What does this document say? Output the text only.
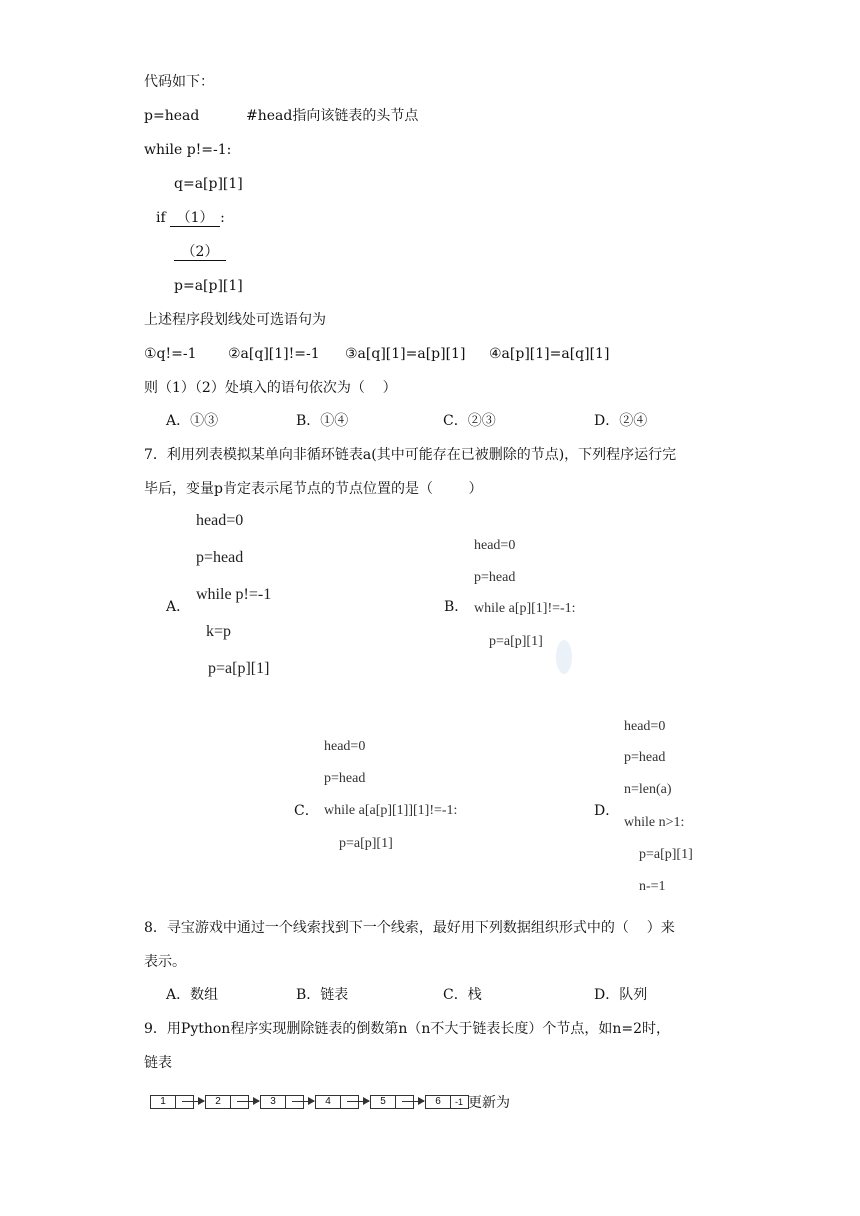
代码如下：
p=head	#head指向该链表的头节点
while p!=-1:
q=a[p][1]
if （1） :
（2）
p=a[p][1]
上述程序段划线处可选语句为
①q!=-1 ②a[q][1]!=-1 ③a[q][1]=a[p][1] ④a[p][1]=a[q][1]
则（1）（2）处填入的语句依次为（    ）
A．①③	B．①④	C．②③	D．②④
7．利用列表模拟某单向非循环链表a(其中可能存在已被删除的节点)，下列程序运行完
毕后，变量p肯定表示尾节点的节点位置的是（        ）
A．

head=0

p=head

while p!=-1

k=p

p=a[p][1]

B．

head=0

p=head

while a[p][1]!=-1:

p=a[p][1]

C．

head=0

p=head

while a[a[p][1]][1]!=-1:

p=a[p][1]

D．

head=0

p=head

n=len(a)

while n>1:

p=a[p][1]

n-=1

8．寻宝游戏中通过一个线索找到下一个线索，最好用下列数据组织形式中的（    ）来
表示。
A．数组	B．链表	C．栈	D．队列
9．用Python程序实现删除链表的倒数第n（n不大于链表长度）个节点，如n=2时，
链表
1	2	3	4	5	6	-1 更新为
